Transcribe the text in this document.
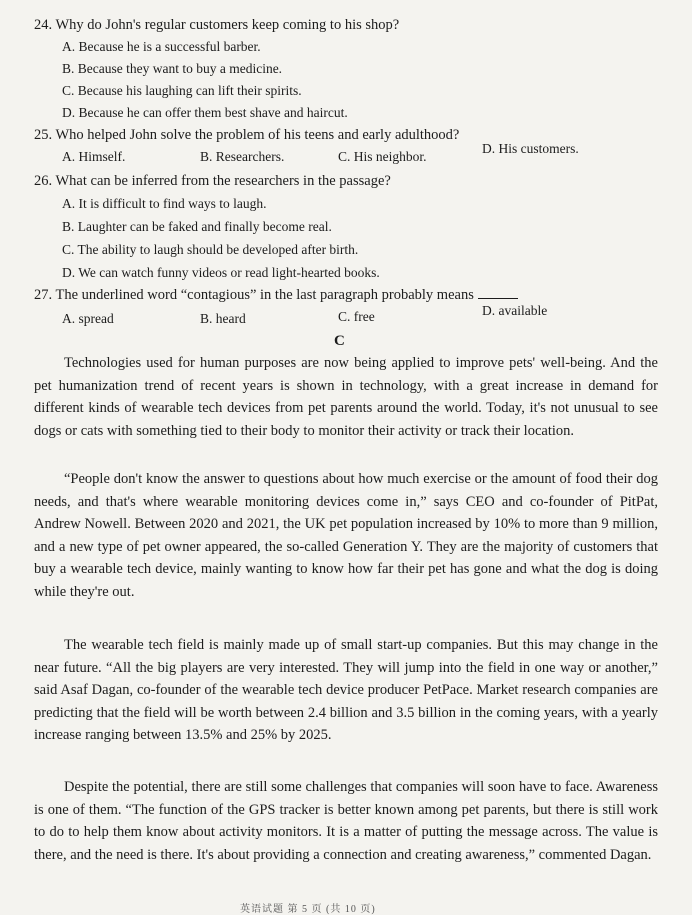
24. Why do John's regular customers keep coming to his shop?
A. Because he is a successful barber.
B. Because they want to buy a medicine.
C. Because his laughing can lift their spirits.
D. Because he can offer them best shave and haircut.
25. Who helped John solve the problem of his teens and early adulthood?
A. Himself.	B. Researchers.	C. His neighbor.
D. His customers.
26. What can be inferred from the researchers in the passage?
A. It is difficult to find ways to laugh.
B. Laughter can be faked and finally become real.
C. The ability to laugh should be developed after birth.
D. We can watch funny videos or read light-hearted books.
27. The underlined word “contagious” in the last paragraph probably means
A. spread	B. heard	C. free	D. available
C
Technologies used for human purposes are now being applied to improve pets' well-being. And the pet humanization trend of recent years is shown in technology, with a great increase in demand for different kinds of wearable tech devices from pet parents around the world. Today, it's not unusual to see dogs or cats with something tied to their body to monitor their activity or track their location.
“People don't know the answer to questions about how much exercise or the amount of food their dog needs, and that's where wearable monitoring devices come in,” says CEO and co-founder of PitPat, Andrew Nowell. Between 2020 and 2021, the UK pet population increased by 10% to more than 9 million, and a new type of pet owner appeared, the so-called Generation Y. They are the majority of customers that buy a wearable tech device, mainly wanting to know how far their pet has gone and what the dog is doing while they're out.
The wearable tech field is mainly made up of small start-up companies. But this may change in the near future. “All the big players are very interested. They will jump into the field in one way or another,” said Asaf Dagan, co-founder of the wearable tech device producer PetPace. Market research companies are predicting that the field will be worth between 2.4 billion and 3.5 billion in the coming years, with a yearly increase ranging between 13.5% and 25% by 2025.
Despite the potential, there are still some challenges that companies will soon have to face. Awareness is one of them. “The function of the GPS tracker is better known among pet parents, but there is still work to do to help them know about activity monitors. It is a matter of putting the message across. The value is there, and the need is there. It's about providing a connection and creating awareness,” commented Dagan.
英语试题 第 5 页 (共 10 页)
